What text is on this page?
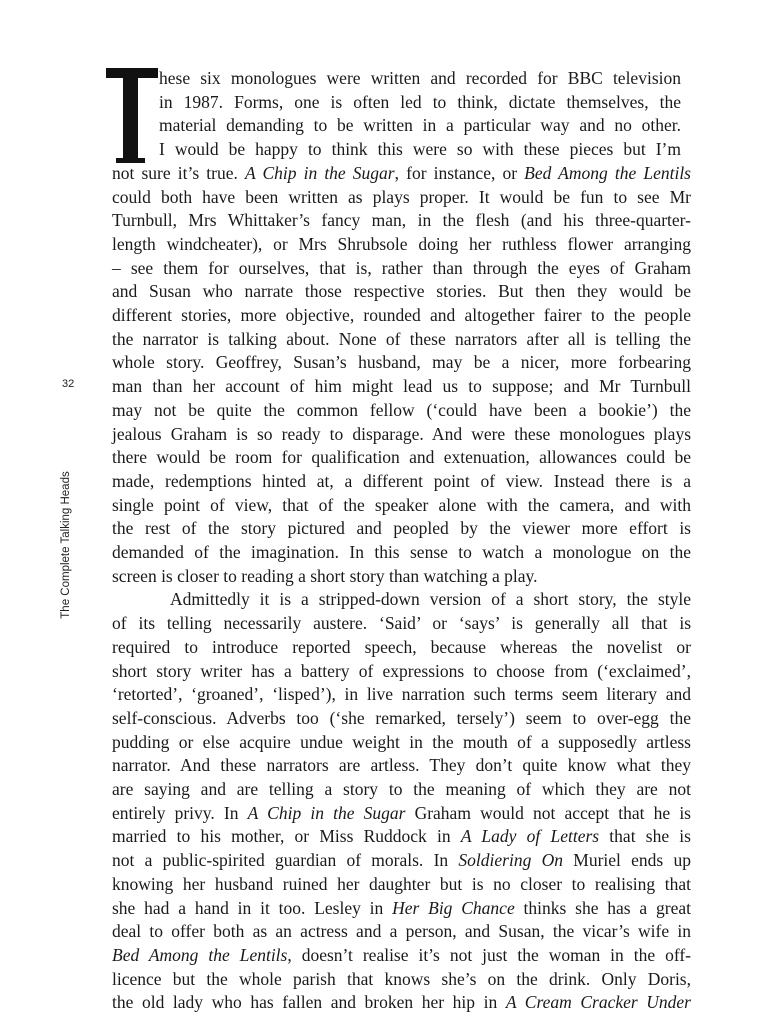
32
The Complete Talking Heads
hese six monologues were written and recorded for BBC television
in 1987. Forms, one is often led to think, dictate themselves, the
material demanding to be written in a particular way and no other.
I would be happy to think this were so with these pieces but I’m
not sure it’s true. A Chip in the Sugar, for instance, or Bed Among the Lentils
could both have been written as plays proper. It would be fun to see Mr
Turnbull, Mrs Whittaker’s fancy man, in the flesh (and his three-quarter-
length windcheater), or Mrs Shrubsole doing her ruthless flower arranging
– see them for ourselves, that is, rather than through the eyes of Graham
and Susan who narrate those respective stories. But then they would be
different stories, more objective, rounded and altogether fairer to the people
the narrator is talking about. None of these narrators after all is telling the
whole story. Geoffrey, Susan’s husband, may be a nicer, more forbearing
man than her account of him might lead us to suppose; and Mr Turnbull
may not be quite the common fellow (‘could have been a bookie’) the
jealous Graham is so ready to disparage. And were these monologues plays
there would be room for qualification and extenuation, allowances could be
made, redemptions hinted at, a different point of view. Instead there is a
single point of view, that of the speaker alone with the camera, and with
the rest of the story pictured and peopled by the viewer more effort is
demanded of the imagination. In this sense to watch a monologue on the
screen is closer to reading a short story than watching a play.
Admittedly it is a stripped-down version of a short story, the style
of its telling necessarily austere. ‘Said’ or ‘says’ is generally all that is
required to introduce reported speech, because whereas the novelist or
short story writer has a battery of expressions to choose from (‘exclaimed’,
‘retorted’, ‘groaned’, ‘lisped’), in live narration such terms seem literary and
self-conscious. Adverbs too (‘she remarked, tersely’) seem to over-egg the
pudding or else acquire undue weight in the mouth of a supposedly artless
narrator. And these narrators are artless. They don’t quite know what they
are saying and are telling a story to the meaning of which they are not
entirely privy. In A Chip in the Sugar Graham would not accept that he is
married to his mother, or Miss Ruddock in A Lady of Letters that she is
not a public-spirited guardian of morals. In Soldiering On Muriel ends up
knowing her husband ruined her daughter but is no closer to realising that
she had a hand in it too. Lesley in Her Big Chance thinks she has a great
deal to offer both as an actress and a person, and Susan, the vicar’s wife in
Bed Among the Lentils, doesn’t realise it’s not just the woman in the off-
licence but the whole parish that knows she’s on the drink. Only Doris,
the old lady who has fallen and broken her hip in A Cream Cracker Under
